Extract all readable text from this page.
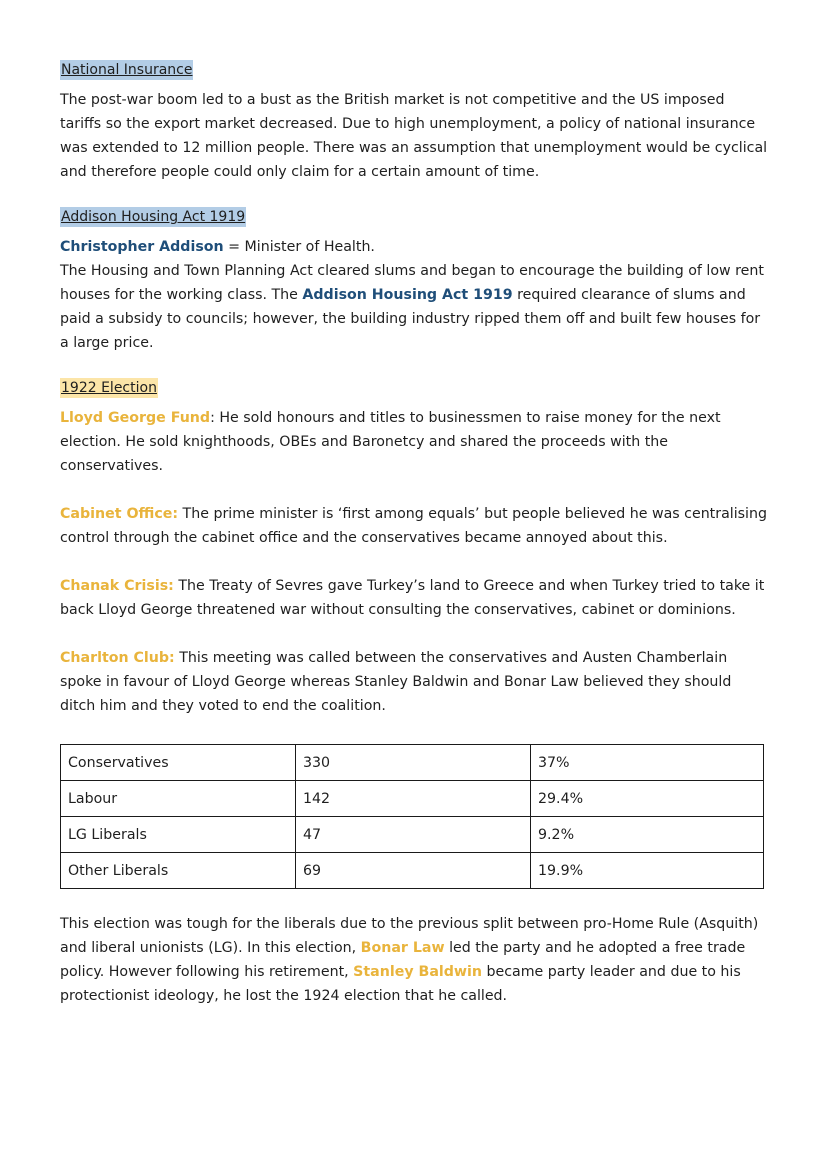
National Insurance

The post-war boom led to a bust as the British market is not competitive and the US imposed tariffs so the export market decreased. Due to high unemployment, a policy of national insurance was extended to 12 million people. There was an assumption that unemployment would be cyclical and therefore people could only claim for a certain amount of time.

Addison Housing Act 1919

Christopher Addison = Minister of Health.
The Housing and Town Planning Act cleared slums and began to encourage the building of low rent houses for the working class. The Addison Housing Act 1919 required clearance of slums and paid a subsidy to councils; however, the building industry ripped them off and built few houses for a large price.

1922 Election

Lloyd George Fund: He sold honours and titles to businessmen to raise money for the next election. He sold knighthoods, OBEs and Baronetcy and shared the proceeds with the conservatives.

Cabinet Office: The prime minister is ‘first among equals’ but people believed he was centralising control through the cabinet office and the conservatives became annoyed about this.

Chanak Crisis: The Treaty of Sevres gave Turkey’s land to Greece and when Turkey tried to take it back Lloyd George threatened war without consulting the conservatives, cabinet or dominions.

Charlton Club: This meeting was called between the conservatives and Austen Chamberlain spoke in favour of Lloyd George whereas Stanley Baldwin and Bonar Law believed they should ditch him and they voted to end the coalition.

Conservatives	330	37%
Labour	142	29.4%
LG Liberals	47	9.2%
Other Liberals	69	19.9%

This election was tough for the liberals due to the previous split between pro-Home Rule (Asquith) and liberal unionists (LG). In this election, Bonar Law led the party and he adopted a free trade policy. However following his retirement, Stanley Baldwin became party leader and due to his protectionist ideology, he lost the 1924 election that he called.
